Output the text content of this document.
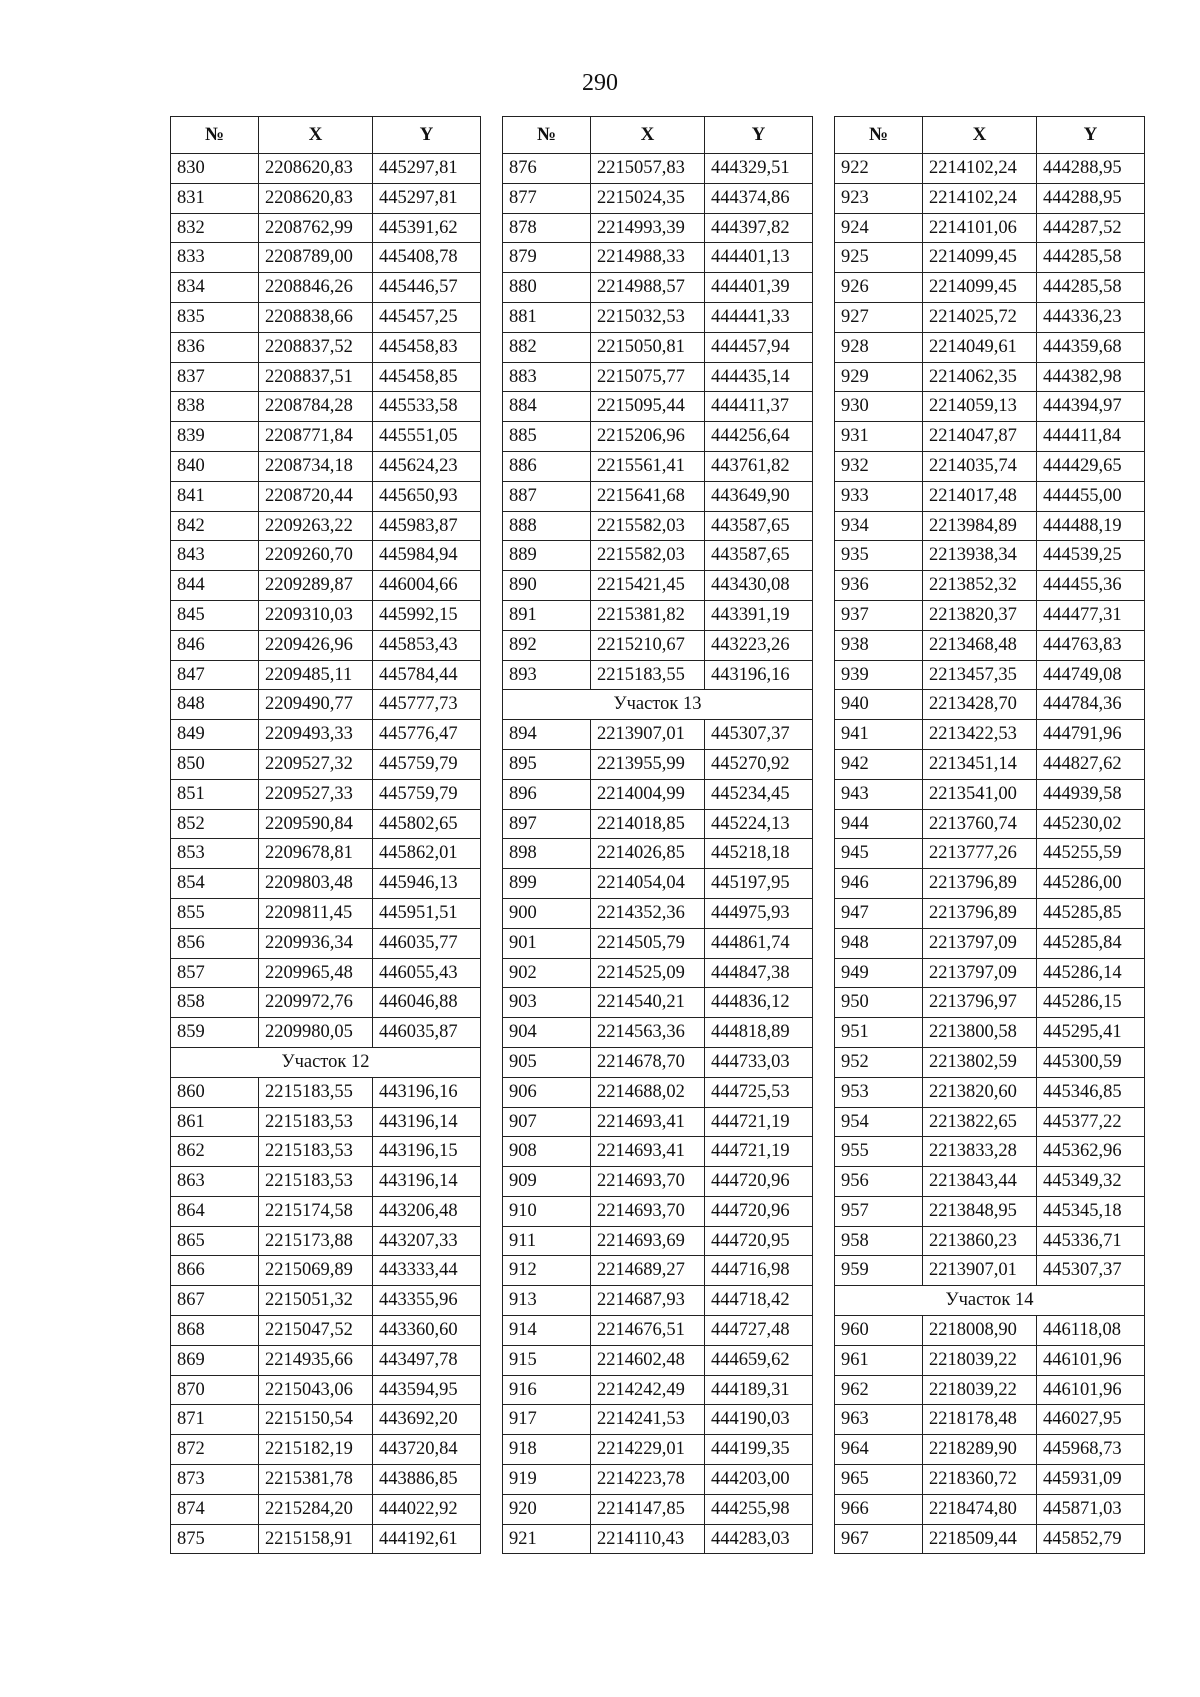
290
№	X	Y
830	2208620,83	445297,81
831	2208620,83	445297,81
832	2208762,99	445391,62
833	2208789,00	445408,78
834	2208846,26	445446,57
835	2208838,66	445457,25
836	2208837,52	445458,83
837	2208837,51	445458,85
838	2208784,28	445533,58
839	2208771,84	445551,05
840	2208734,18	445624,23
841	2208720,44	445650,93
842	2209263,22	445983,87
843	2209260,70	445984,94
844	2209289,87	446004,66
845	2209310,03	445992,15
846	2209426,96	445853,43
847	2209485,11	445784,44
848	2209490,77	445777,73
849	2209493,33	445776,47
850	2209527,32	445759,79
851	2209527,33	445759,79
852	2209590,84	445802,65
853	2209678,81	445862,01
854	2209803,48	445946,13
855	2209811,45	445951,51
856	2209936,34	446035,77
857	2209965,48	446055,43
858	2209972,76	446046,88
859	2209980,05	446035,87
Участок 12		
860	2215183,55	443196,16
861	2215183,53	443196,14
862	2215183,53	443196,15
863	2215183,53	443196,14
864	2215174,58	443206,48
865	2215173,88	443207,33
866	2215069,89	443333,44
867	2215051,32	443355,96
868	2215047,52	443360,60
869	2214935,66	443497,78
870	2215043,06	443594,95
871	2215150,54	443692,20
872	2215182,19	443720,84
873	2215381,78	443886,85
874	2215284,20	444022,92
875	2215158,91	444192,61
№	X	Y
876	2215057,83	444329,51
877	2215024,35	444374,86
878	2214993,39	444397,82
879	2214988,33	444401,13
880	2214988,57	444401,39
881	2215032,53	444441,33
882	2215050,81	444457,94
883	2215075,77	444435,14
884	2215095,44	444411,37
885	2215206,96	444256,64
886	2215561,41	443761,82
887	2215641,68	443649,90
888	2215582,03	443587,65
889	2215582,03	443587,65
890	2215421,45	443430,08
891	2215381,82	443391,19
892	2215210,67	443223,26
893	2215183,55	443196,16
Участок 13		
894	2213907,01	445307,37
895	2213955,99	445270,92
896	2214004,99	445234,45
897	2214018,85	445224,13
898	2214026,85	445218,18
899	2214054,04	445197,95
900	2214352,36	444975,93
901	2214505,79	444861,74
902	2214525,09	444847,38
903	2214540,21	444836,12
904	2214563,36	444818,89
905	2214678,70	444733,03
906	2214688,02	444725,53
907	2214693,41	444721,19
908	2214693,41	444721,19
909	2214693,70	444720,96
910	2214693,70	444720,96
911	2214693,69	444720,95
912	2214689,27	444716,98
913	2214687,93	444718,42
914	2214676,51	444727,48
915	2214602,48	444659,62
916	2214242,49	444189,31
917	2214241,53	444190,03
918	2214229,01	444199,35
919	2214223,78	444203,00
920	2214147,85	444255,98
921	2214110,43	444283,03
№	X	Y
922	2214102,24	444288,95
923	2214102,24	444288,95
924	2214101,06	444287,52
925	2214099,45	444285,58
926	2214099,45	444285,58
927	2214025,72	444336,23
928	2214049,61	444359,68
929	2214062,35	444382,98
930	2214059,13	444394,97
931	2214047,87	444411,84
932	2214035,74	444429,65
933	2214017,48	444455,00
934	2213984,89	444488,19
935	2213938,34	444539,25
936	2213852,32	444455,36
937	2213820,37	444477,31
938	2213468,48	444763,83
939	2213457,35	444749,08
940	2213428,70	444784,36
941	2213422,53	444791,96
942	2213451,14	444827,62
943	2213541,00	444939,58
944	2213760,74	445230,02
945	2213777,26	445255,59
946	2213796,89	445286,00
947	2213796,89	445285,85
948	2213797,09	445285,84
949	2213797,09	445286,14
950	2213796,97	445286,15
951	2213800,58	445295,41
952	2213802,59	445300,59
953	2213820,60	445346,85
954	2213822,65	445377,22
955	2213833,28	445362,96
956	2213843,44	445349,32
957	2213848,95	445345,18
958	2213860,23	445336,71
959	2213907,01	445307,37
Участок 14		
960	2218008,90	446118,08
961	2218039,22	446101,96
962	2218039,22	446101,96
963	2218178,48	446027,95
964	2218289,90	445968,73
965	2218360,72	445931,09
966	2218474,80	445871,03
967	2218509,44	445852,79
